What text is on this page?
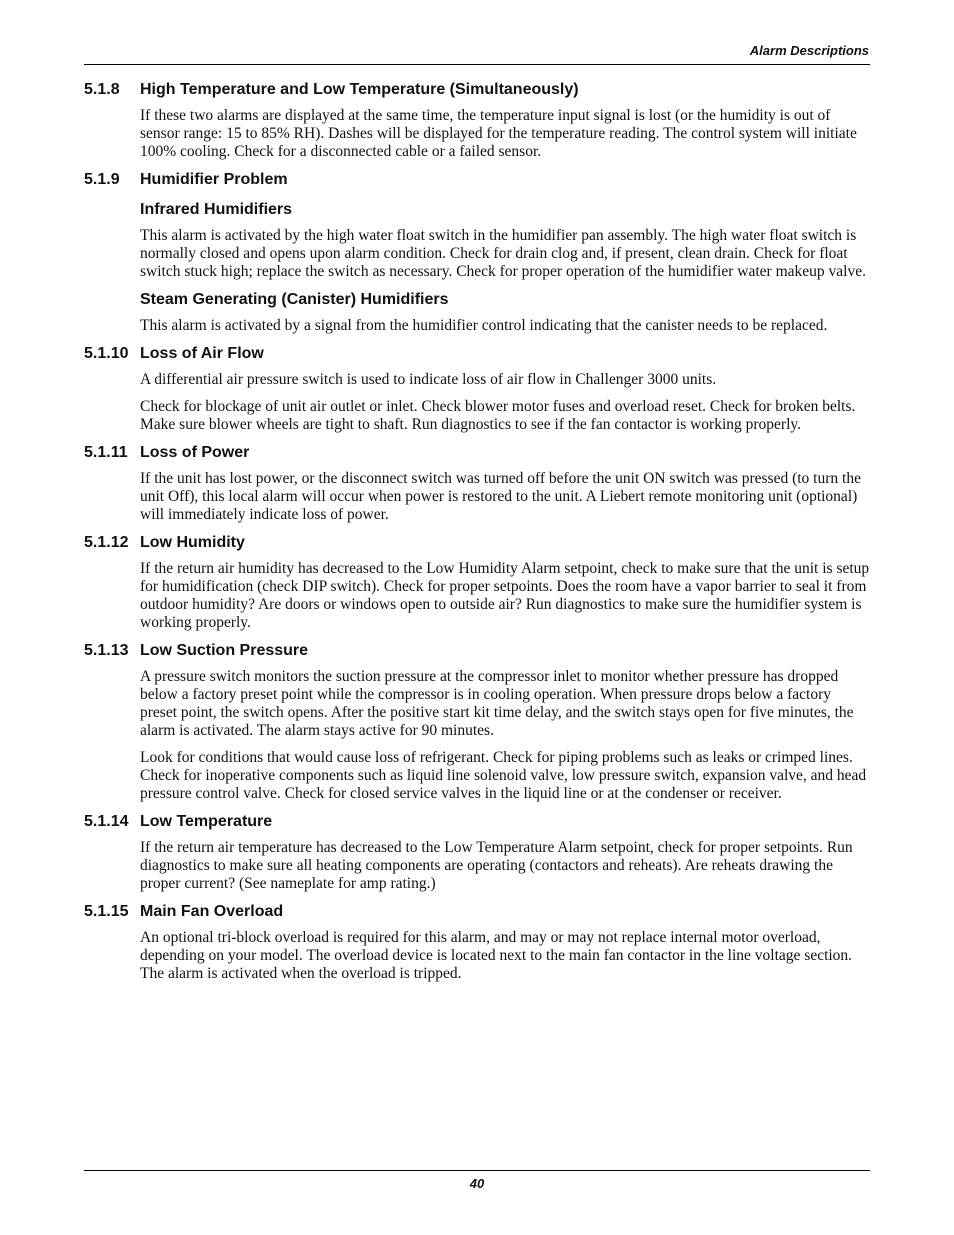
Alarm Descriptions
5.1.8	High Temperature and Low Temperature (Simultaneously)

If these two alarms are displayed at the same time, the temperature input signal is lost (or the humidity is out of sensor range: 15 to 85% RH). Dashes will be displayed for the temperature reading. The control system will initiate 100% cooling. Check for a disconnected cable or a failed sensor.

5.1.9	Humidifier Problem
Infrared Humidifiers

This alarm is activated by the high water float switch in the humidifier pan assembly. The high water float switch is normally closed and opens upon alarm condition. Check for drain clog and, if present, clean drain. Check for float switch stuck high; replace the switch as necessary. Check for proper operation of the humidifier water makeup valve.

Steam Generating (Canister) Humidifiers

This alarm is activated by a signal from the humidifier control indicating that the canister needs to be replaced.

5.1.10 Loss of Air Flow

A differential air pressure switch is used to indicate loss of air flow in Challenger 3000 units.

Check for blockage of unit air outlet or inlet. Check blower motor fuses and overload reset. Check for broken belts. Make sure blower wheels are tight to shaft. Run diagnostics to see if the fan contactor is working properly.

5.1.11 Loss of Power

If the unit has lost power, or the disconnect switch was turned off before the unit ON switch was pressed (to turn the unit Off), this local alarm will occur when power is restored to the unit. A Liebert remote monitoring unit (optional) will immediately indicate loss of power.

5.1.12 Low Humidity

If the return air humidity has decreased to the Low Humidity Alarm setpoint, check to make sure that the unit is setup for humidification (check DIP switch). Check for proper setpoints. Does the room have a vapor barrier to seal it from outdoor humidity? Are doors or windows open to outside air? Run diagnostics to make sure the humidifier system is working properly.

5.1.13 Low Suction Pressure

A pressure switch monitors the suction pressure at the compressor inlet to monitor whether pressure has dropped below a factory preset point while the compressor is in cooling operation. When pressure drops below a factory preset point, the switch opens. After the positive start kit time delay, and the switch stays open for five minutes, the alarm is activated. The alarm stays active for 90 minutes.

Look for conditions that would cause loss of refrigerant. Check for piping problems such as leaks or crimped lines. Check for inoperative components such as liquid line solenoid valve, low pressure switch, expansion valve, and head pressure control valve. Check for closed service valves in the liquid line or at the condenser or receiver.

5.1.14 Low Temperature

If the return air temperature has decreased to the Low Temperature Alarm setpoint, check for proper setpoints. Run diagnostics to make sure all heating components are operating (contactors and reheats). Are reheats drawing the proper current? (See nameplate for amp rating.)

5.1.15 Main Fan Overload

An optional tri-block overload is required for this alarm, and may or may not replace internal motor overload, depending on your model. The overload device is located next to the main fan contactor in the line voltage section. The alarm is activated when the overload is tripped.

40
